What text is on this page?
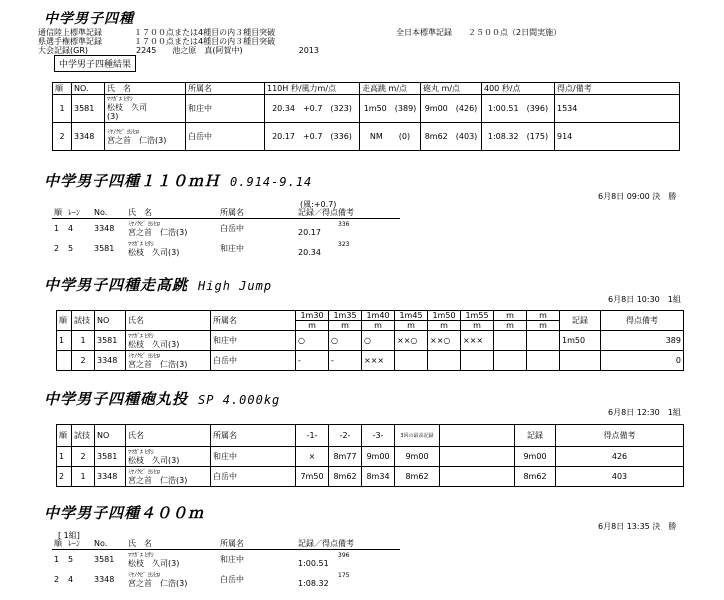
中学男子四種
通信陸上標準記録　　　　１７００点または4種目の内３種目突破
県選手権標準記録　　　　１７００点または4種目の内３種目突破
大会記録(GR)　　　　　　2245　　池之原　真(阿賀中)　　　　　　　2013
全日本標準記録　　２５００点（2日間実施）
中学男子四種結果
順	NO.	氏　名	所属名	110H 秒/風力m/点	走高跳 m/点	砲丸 m/点	400 秒/点	得点/備考
1	3581	ﾏﾂｶﾞｴ ﾋｻｼ
松枝　久司
(3)	和庄中	20.34　+0.7　(323)	1m50　(389)	9m00　(426)	1:00.51　(396)	1534
2	3348	ﾐﾔﾉｸﾋﾞ ﾖｼﾋﾛ
宮之首　仁浩(3)	白岳中	20.17　+0.7　(336)	NM　　(0)	8m62　(403)	1:08.32　(175)	914
中学男子四種１１０ｍＨ 0.914-9.14
6月8日 09:00 決　勝
(風:+0.7)
順	ﾚｰﾝ	No.	氏　名	所属名	記録／得点備考
1	4	3348	ﾐﾔﾉｸﾋﾞ ﾖｼﾋﾛ
宮之首　仁浩(3)	白岳中	336
20.17

2	5	3581	ﾏﾂｶﾞｴ ﾋｻｼ
松枝　久司(3)	和庄中	323
20.34
中学男子四種走高跳 High Jump
6月8日 10:30　1組
順	試技	NO	氏名	所属名	1m30	1m35	1m40	1m45	1m50	1m55	m	m	記録	得点備考
					m	m	m	m	m	m	m	m		
1	1	3581	ﾏﾂｶﾞｴ ﾋｻｼ
松枝　久司(3)	和庄中	○	○	○	××○	××○	×××			1m50	389
	2	3348	ﾐﾔﾉｸﾋﾞ ﾖｼﾋﾛ
宮之首　仁浩(3)	白岳中	-	-	×××							0
中学男子四種砲丸投 SP 4.000kg
6月8日 12:30　1組
順	試技	NO	氏名	所属名	-1-	-2-	-3-	3回の最高記録		記録	得点備考
1	2	3581	ﾏﾂｶﾞｴ ﾋｻｼ
松枝　久司(3)	和庄中	×	8m77	9m00	9m00		9m00	426
2	1	3348	ﾐﾔﾉｸﾋﾞ ﾖｼﾋﾛ
宮之首　仁浩(3)	白岳中	7m50	8m62	8m34	8m62		8m62	403
中学男子四種４００ｍ
6月8日 13:35 決　勝
[ 1組]
順	ﾚｰﾝ	No.	氏　名	所属名	記録／得点備考
1	5	3581	ﾏﾂｶﾞｴ ﾋｻｼ
松枝　久司(3)	和庄中	396
1:00.51

2	4	3348	ﾐﾔﾉｸﾋﾞ ﾖｼﾋﾛ
宮之首　仁浩(3)	白岳中	175
1:08.32
